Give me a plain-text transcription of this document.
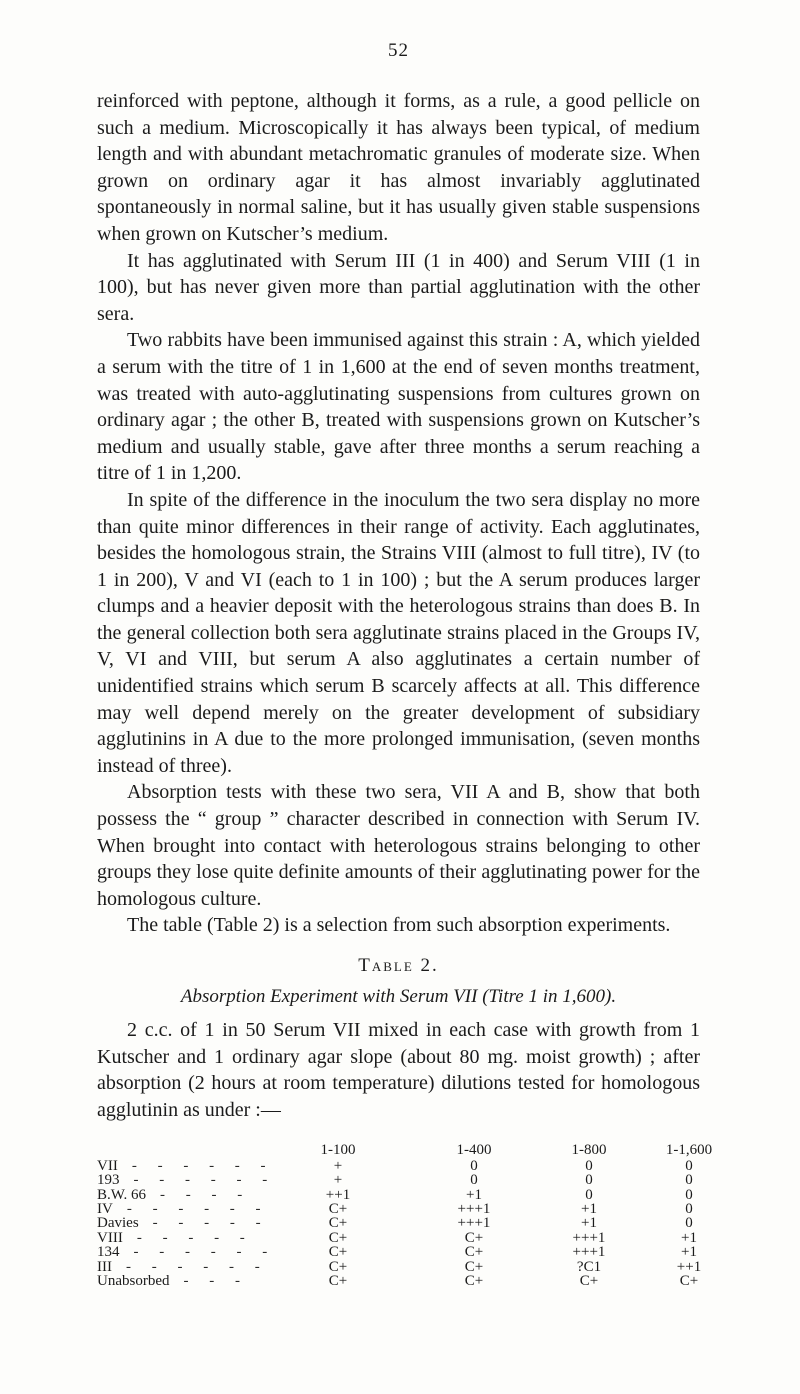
52

reinforced with peptone, although it forms, as a rule, a good pellicle on such a medium. Microscopically it has always been typical, of medium length and with abundant metachromatic granules of moderate size. When grown on ordinary agar it has almost invariably agglutinated spontaneously in normal saline, but it has usually given stable suspensions when grown on Kutscher’s medium.

It has agglutinated with Serum III (1 in 400) and Serum VIII (1 in 100), but has never given more than partial agglutination with the other sera.

Two rabbits have been immunised against this strain : A, which yielded a serum with the titre of 1 in 1,600 at the end of seven months treatment, was treated with auto-agglutinating suspensions from cultures grown on ordinary agar ; the other B, treated with suspensions grown on Kutscher’s medium and usually stable, gave after three months a serum reaching a titre of 1 in 1,200.

In spite of the difference in the inoculum the two sera display no more than quite minor differences in their range of activity. Each agglutinates, besides the homologous strain, the Strains VIII (almost to full titre), IV (to 1 in 200), V and VI (each to 1 in 100) ; but the A serum produces larger clumps and a heavier deposit with the heterologous strains than does B. In the general collection both sera agglutinate strains placed in the Groups IV, V, VI and VIII, but serum A also agglutinates a certain number of unidentified strains which serum B scarcely affects at all. This difference may well depend merely on the greater development of subsidiary agglutinins in A due to the more prolonged immunisation, (seven months instead of three).

Absorption tests with these two sera, VII A and B, show that both possess the “ group ” character described in connection with Serum IV. When brought into contact with heterologous strains belonging to other groups they lose quite definite amounts of their agglutinating power for the homologous culture.

The table (Table 2) is a selection from such absorption experiments.

Table 2.
Absorption Experiment with Serum VII (Titre 1 in 1,600).

2 c.c. of 1 in 50 Serum VII mixed in each case with growth from 1 Kutscher and 1 ordinary agar slope (about 80 mg. moist growth) ; after absorption (2 hours at room temperature) dilutions tested for homologous agglutinin as under :—

1-100	1-400	1-800	1-1,600
VII - - - - - -	+	0	0	0
193 - - - - - -	+	0	0	0
B.W. 66 - - - -	++1	+1	0	0
IV - - - - - -	C+	+++1	+1	0
Davies - - - - -	C+	+++1	+1	0
VIII - - - - -	C+	C+	+++1	+1
134 - - - - - -	C+	C+	+++1	+1
III - - - - - -	C+	C+	?C1	++1
Unabsorbed - - -	C+	C+	C+	C+
